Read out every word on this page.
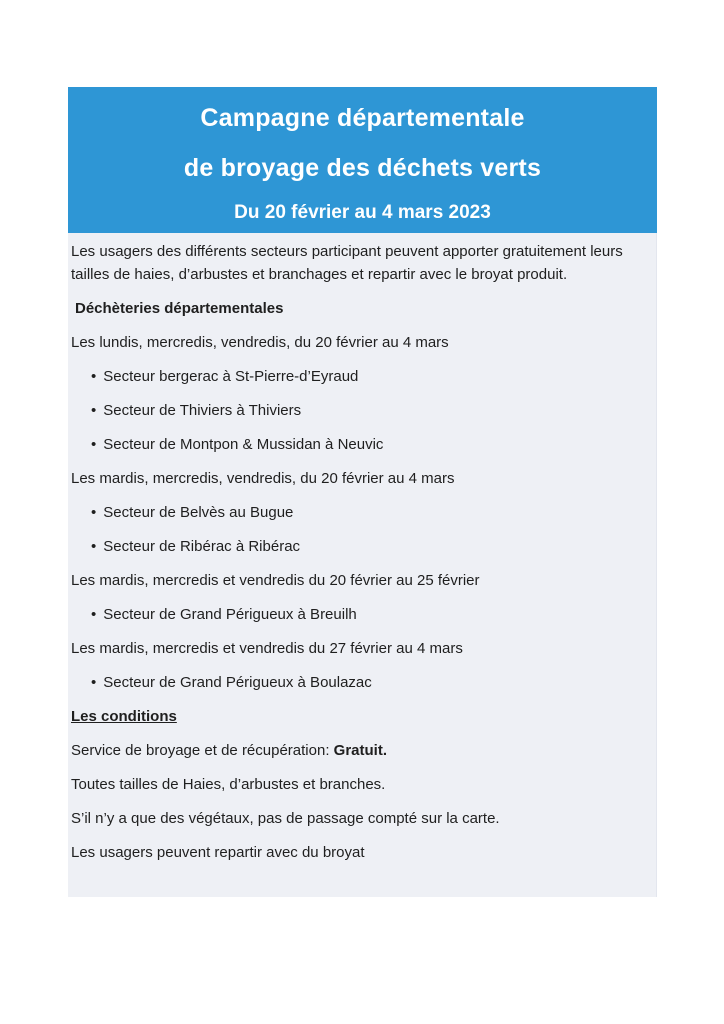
Campagne départementale
de broyage des déchets verts
Du 20 février au 4 mars 2023

Les usagers des différents secteurs participant peuvent apporter gratuitement leurs tailles de haies, d’arbustes et branchages et repartir avec le broyat produit.

Déchèteries départementales

Les lundis, mercredis, vendredis, du 20 février au 4 mars

• Secteur bergerac à St-Pierre-d’Eyraud
• Secteur de Thiviers à Thiviers
• Secteur de Montpon & Mussidan à Neuvic

Les mardis, mercredis, vendredis, du 20 février au 4 mars

• Secteur de Belvès au Bugue
• Secteur de Ribérac à Ribérac

Les mardis, mercredis et vendredis du 20 février au 25 février

• Secteur de Grand Périgueux à Breuilh

Les mardis, mercredis et vendredis du 27 février au 4 mars

• Secteur de Grand Périgueux à Boulazac

Les conditions

Service de broyage et de récupération: Gratuit.

Toutes tailles de Haies, d’arbustes et branches.

S’il n’y a que des végétaux, pas de passage compté sur la carte.

Les usagers peuvent repartir avec du broyat
